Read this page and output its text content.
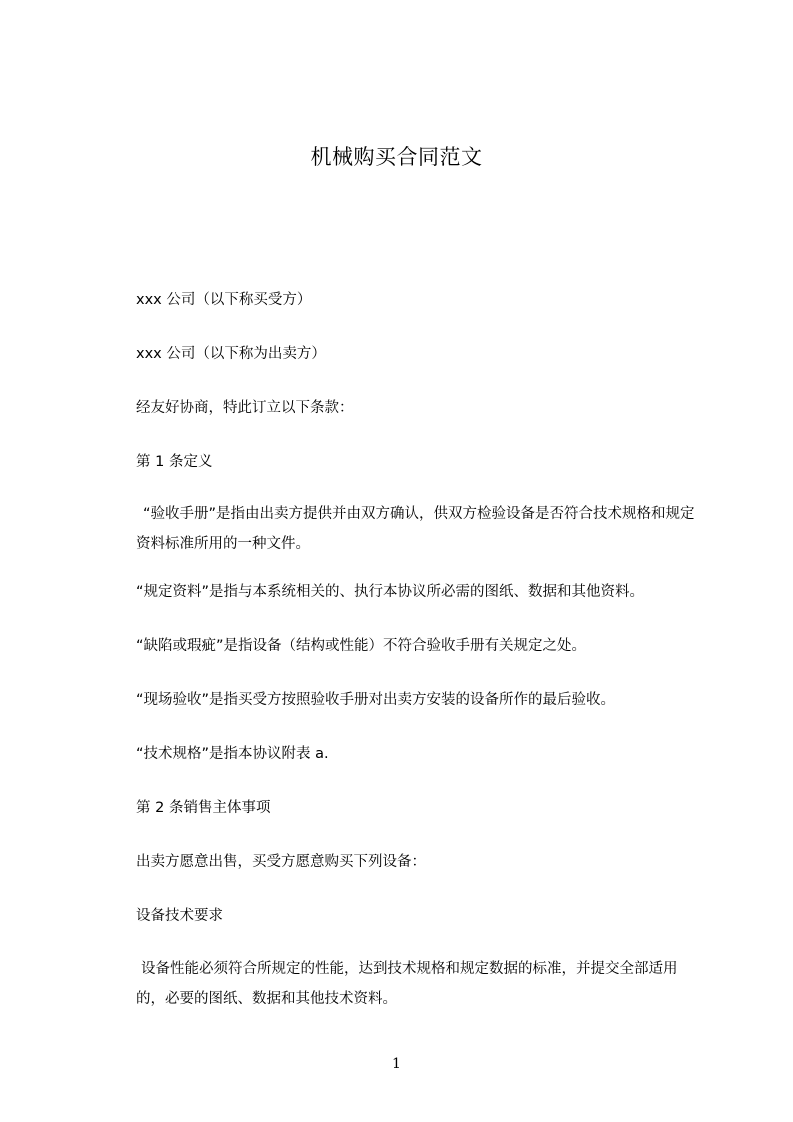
机械购买合同范文

xxx 公司（以下称买受方）

xxx 公司（以下称为出卖方）

经友好协商，特此订立以下条款：

第 1 条定义

“验收手册”是指由出卖方提供并由双方确认，供双方检验设备是否符合技术规格和规定资料标准所用的一种文件。

“规定资料”是指与本系统相关的、执行本协议所必需的图纸、数据和其他资料。

“缺陷或瑕疵”是指设备（结构或性能）不符合验收手册有关规定之处。

“现场验收”是指买受方按照验收手册对出卖方安装的设备所作的最后验收。

“技术规格”是指本协议附表 a.

第 2 条销售主体事项

出卖方愿意出售，买受方愿意购买下列设备：

设备技术要求

设备性能必须符合所规定的性能，达到技术规格和规定数据的标准，并提交全部适用的，必要的图纸、数据和其他技术资料。

1
